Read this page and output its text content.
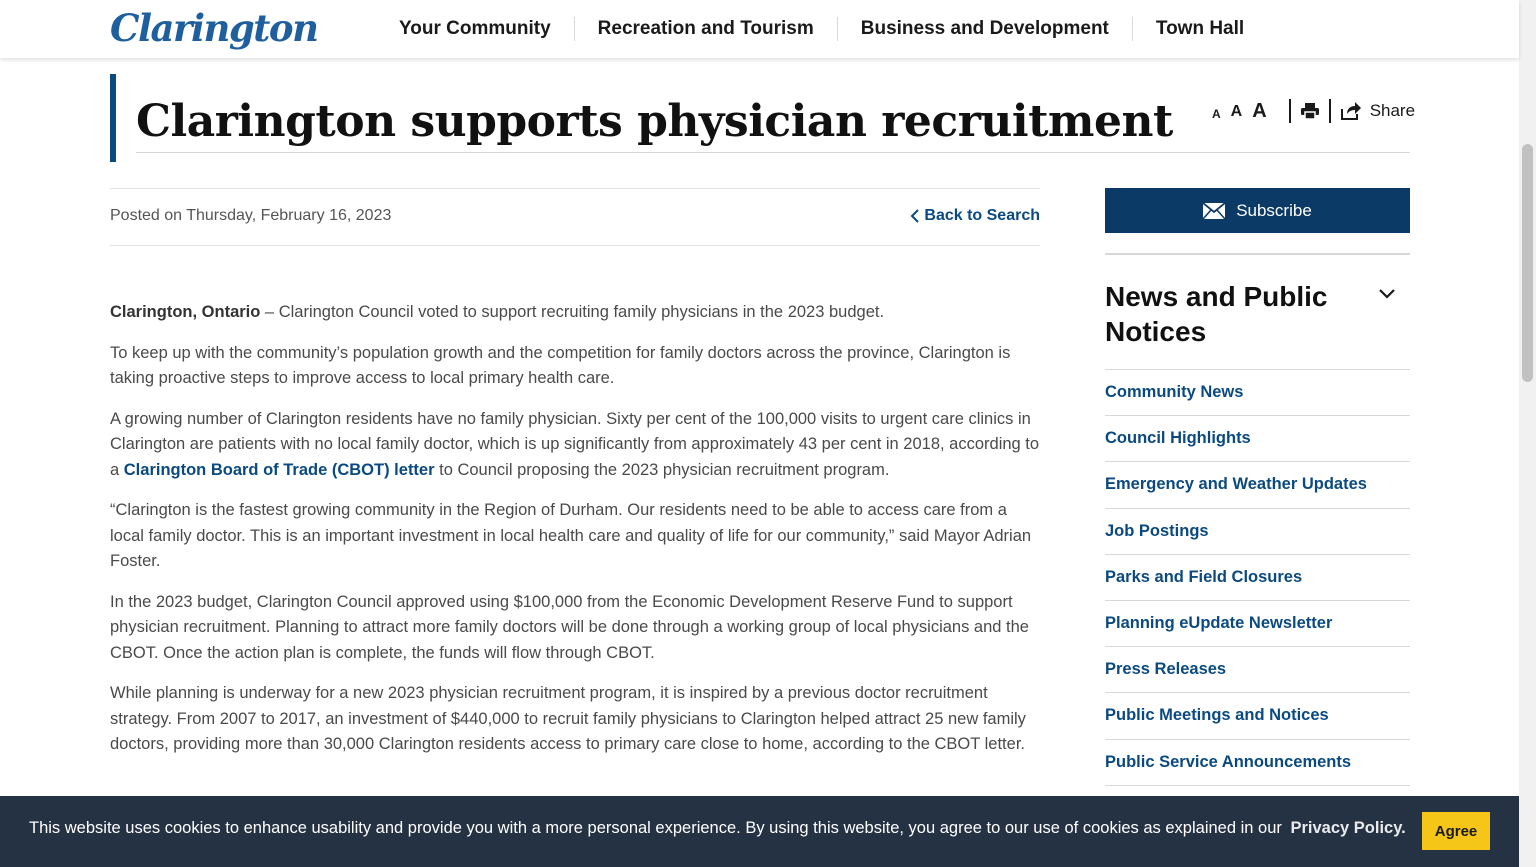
Clarington	Your Community	Recreation and Tourism	Business and Development	Town Hall
Clarington supports physician recruitment	A A A	Share
Posted on Thursday, February 16, 2023	Back to Search

Clarington, Ontario – Clarington Council voted to support recruiting family physicians in the 2023 budget.

To keep up with the community’s population growth and the competition for family doctors across the province, Clarington is taking proactive steps to improve access to local primary health care.

A growing number of Clarington residents have no family physician. Sixty per cent of the 100,000 visits to urgent care clinics in Clarington are patients with no local family doctor, which is up significantly from approximately 43 per cent in 2018, according to a Clarington Board of Trade (CBOT) letter to Council proposing the 2023 physician recruitment program.

“Clarington is the fastest growing community in the Region of Durham. Our residents need to be able to access care from a local family doctor. This is an important investment in local health care and quality of life for our community,” said Mayor Adrian Foster.

In the 2023 budget, Clarington Council approved using $100,000 from the Economic Development Reserve Fund to support physician recruitment. Planning to attract more family doctors will be done through a working group of local physicians and the CBOT. Once the action plan is complete, the funds will flow through CBOT.

While planning is underway for a new 2023 physician recruitment program, it is inspired by a previous doctor recruitment strategy. From 2007 to 2017, an investment of $440,000 to recruit family physicians to Clarington helped attract 25 new family doctors, providing more than 30,000 Clarington residents access to primary care close to home, according to the CBOT letter.

Subscribe
News and Public Notices
Community News
Council Highlights
Emergency and Weather Updates
Job Postings
Parks and Field Closures
Planning eUpdate Newsletter
Press Releases
Public Meetings and Notices
Public Service Announcements
This website uses cookies to enhance usability and provide you with a more personal experience. By using this website, you agree to our use of cookies as explained in our Privacy Policy.	Agree
